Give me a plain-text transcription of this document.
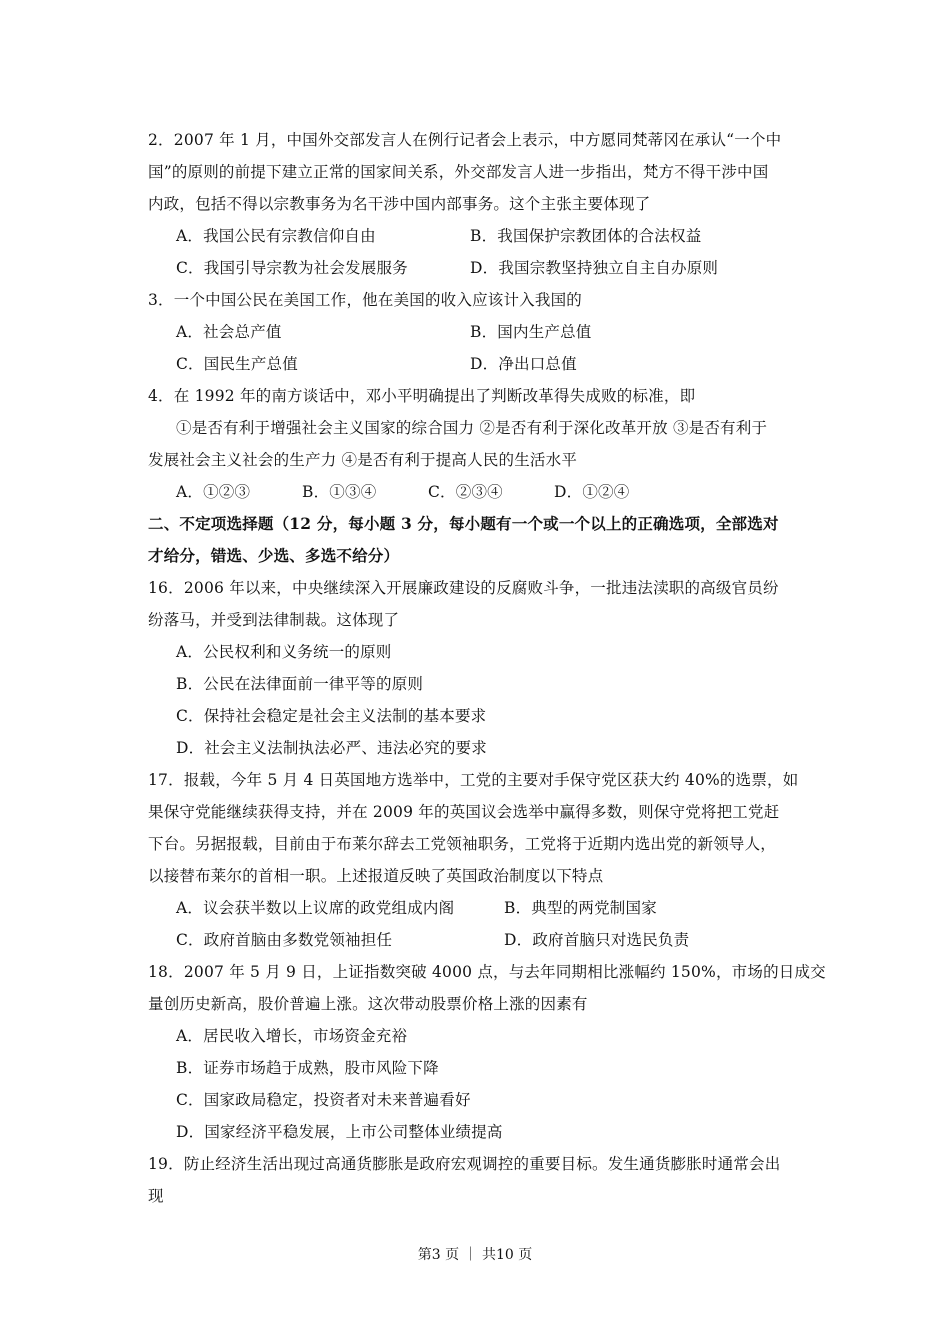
2．2007 年 1 月，中国外交部发言人在例行记者会上表示，中方愿同梵蒂冈在承认“一个中
国”的原则的前提下建立正常的国家间关系，外交部发言人进一步指出，梵方不得干涉中国
内政，包括不得以宗教事务为名干涉中国内部事务。这个主张主要体现了
A．我国公民有宗教信仰自由	B．我国保护宗教团体的合法权益
C．我国引导宗教为社会发展服务	D．我国宗教坚持独立自主自办原则
3．一个中国公民在美国工作，他在美国的收入应该计入我国的
A．社会总产值	B．国内生产总值
C．国民生产总值	D．净出口总值
4．在 1992 年的南方谈话中，邓小平明确提出了判断改革得失成败的标准，即
①是否有利于增强社会主义国家的综合国力 ②是否有利于深化改革开放 ③是否有利于
发展社会主义社会的生产力 ④是否有利于提高人民的生活水平
A．①②③	B．①③④	C．②③④	D．①②④
二、不定项选择题（12 分，每小题 3 分，每小题有一个或一个以上的正确选项，全部选对
才给分，错选、少选、多选不给分）
16．2006 年以来，中央继续深入开展廉政建设的反腐败斗争，一批违法渎职的高级官员纷
纷落马，并受到法律制裁。这体现了
A．公民权利和义务统一的原则
B．公民在法律面前一律平等的原则
C．保持社会稳定是社会主义法制的基本要求
D．社会主义法制执法必严、违法必究的要求
17．报载，今年 5 月 4 日英国地方选举中，工党的主要对手保守党区获大约 40%的选票，如
果保守党能继续获得支持，并在 2009 年的英国议会选举中赢得多数，则保守党将把工党赶
下台。另据报载，目前由于布莱尔辞去工党领袖职务，工党将于近期内选出党的新领导人，
以接替布莱尔的首相一职。上述报道反映了英国政治制度以下特点
A．议会获半数以上议席的政党组成内阁	B．典型的两党制国家
C．政府首脑由多数党领袖担任	D．政府首脑只对选民负责
18．2007 年 5 月 9 日，上证指数突破 4000 点，与去年同期相比涨幅约 150%，市场的日成交
量创历史新高，股价普遍上涨。这次带动股票价格上涨的因素有
A．居民收入增长，市场资金充裕
B．证券市场趋于成熟，股市风险下降
C．国家政局稳定，投资者对未来普遍看好
D．国家经济平稳发展，上市公司整体业绩提高
19．防止经济生活出现过高通货膨胀是政府宏观调控的重要目标。发生通货膨胀时通常会出
现
第3 页 ｜ 共10 页
